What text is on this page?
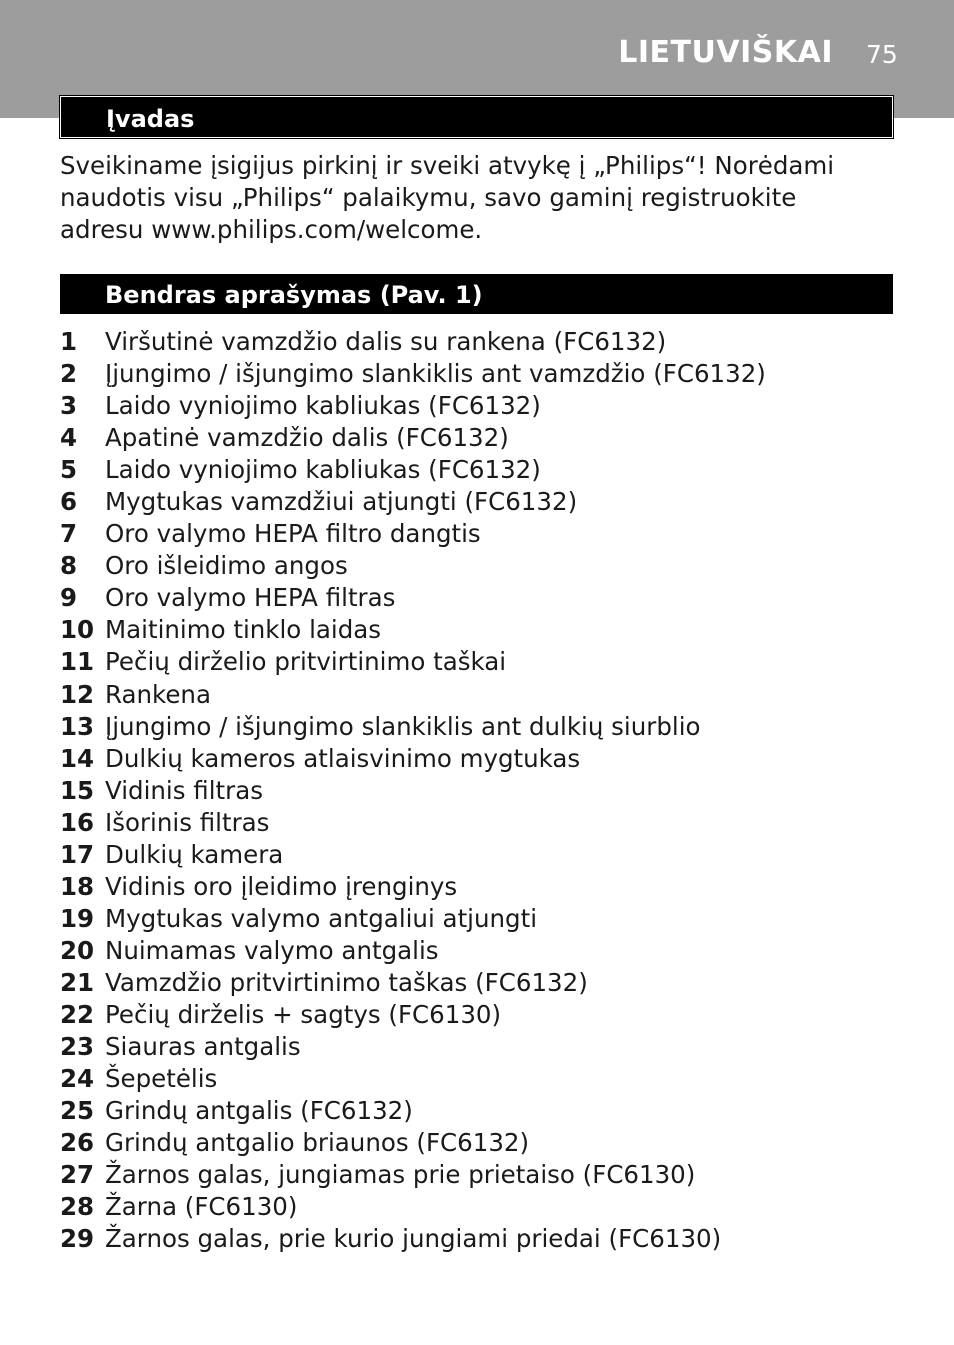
LIETUVIŠKAI 75
Įvadas

Sveikiname įsigijus pirkinį ir sveiki atvykę į „Philips“! Norėdami naudotis visu „Philips“ palaikymu, savo gaminį registruokite adresu www.philips.com/welcome.

Bendras aprašymas (Pav. 1)
1 Viršutinė vamzdžio dalis su rankena (FC6132)
2 Įjungimo / išjungimo slankiklis ant vamzdžio (FC6132)
3 Laido vyniojimo kabliukas (FC6132)
4 Apatinė vamzdžio dalis (FC6132)
5 Laido vyniojimo kabliukas (FC6132)
6 Mygtukas vamzdžiui atjungti (FC6132)
7 Oro valymo HEPA filtro dangtis
8 Oro išleidimo angos
9 Oro valymo HEPA filtras
10 Maitinimo tinklo laidas
11 Pečių dirželio pritvirtinimo taškai
12 Rankena
13 Įjungimo / išjungimo slankiklis ant dulkių siurblio
14 Dulkių kameros atlaisvinimo mygtukas
15 Vidinis filtras
16 Išorinis filtras
17 Dulkių kamera
18 Vidinis oro įleidimo įrenginys
19 Mygtukas valymo antgaliui atjungti
20 Nuimamas valymo antgalis
21 Vamzdžio pritvirtinimo taškas (FC6132)
22 Pečių dirželis + sagtys (FC6130)
23 Siauras antgalis
24 Šepetėlis
25 Grindų antgalis (FC6132)
26 Grindų antgalio briaunos (FC6132)
27 Žarnos galas, jungiamas prie prietaiso (FC6130)
28 Žarna (FC6130)
29 Žarnos galas, prie kurio jungiami priedai (FC6130)
